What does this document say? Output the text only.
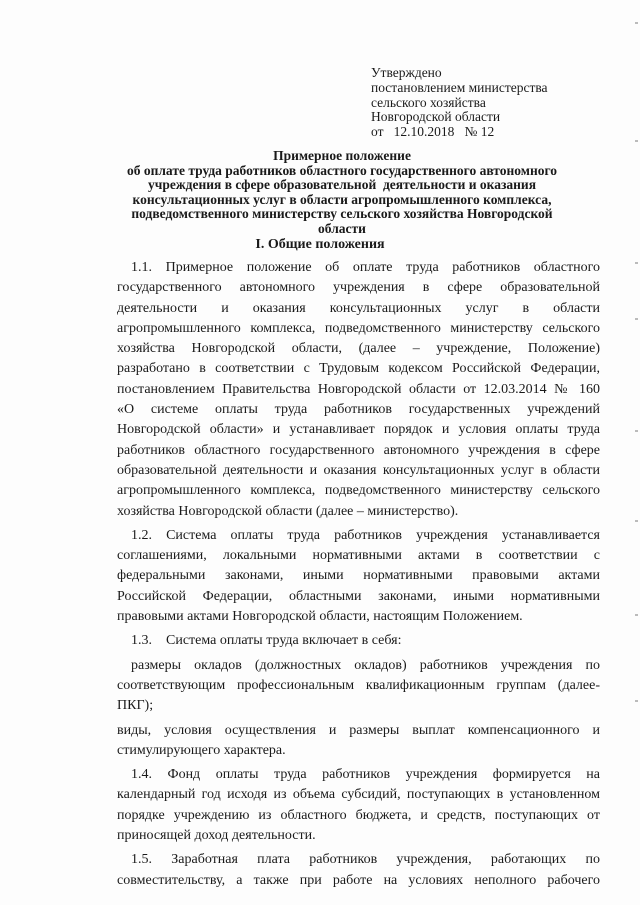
Утверждено
постановлением министерства
сельского хозяйства
Новгородской области
от   12.10.2018   № 12
Примерное положение
об оплате труда работников областного государственного автономного
учреждения в сфере образовательной  деятельности и оказания
консультационных услуг в области агропромышленного комплекса,
подведомственного министерству сельского хозяйства Новгородской
области
I. Общие положения
1.1. Примерное положение об оплате труда работников областного
государственного автономного учреждения в сфере образовательной
деятельности и оказания консультационных услуг в области
агропромышленного комплекса, подведомственного министерству сельского
хозяйства Новгородской области, (далее – учреждение, Положение)
разработано в соответствии с Трудовым кодексом Российской Федерации,
постановлением Правительства Новгородской области от 12.03.2014 № 160
«О системе оплаты труда работников государственных учреждений
Новгородской области» и устанавливает порядок и условия оплаты труда
работников областного государственного автономного учреждения в сфере
образовательной деятельности и оказания консультационных услуг в области
агропромышленного комплекса, подведомственного министерству сельского
хозяйства Новгородской области (далее – министерство).
1.2. Система оплаты труда работников учреждения устанавливается
соглашениями, локальными нормативными актами в соответствии с
федеральными законами, иными нормативными правовыми актами
Российской Федерации, областными законами, иными нормативными
правовыми актами Новгородской области, настоящим Положением.
1.3.    Система оплаты труда включает в себя:
размеры окладов (должностных окладов) работников учреждения по
соответствующим профессиональным квалификационным группам (далее-
ПКГ);
виды, условия осуществления и размеры выплат компенсационного и
стимулирующего характера.
1.4. Фонд оплаты труда работников учреждения формируется на
календарный год исходя из объема субсидий, поступающих в установленном
порядке учреждению из областного бюджета, и средств, поступающих от
приносящей доход деятельности.
1.5. Заработная плата работников учреждения, работающих по
совместительству, а также при работе на условиях неполного рабочего
